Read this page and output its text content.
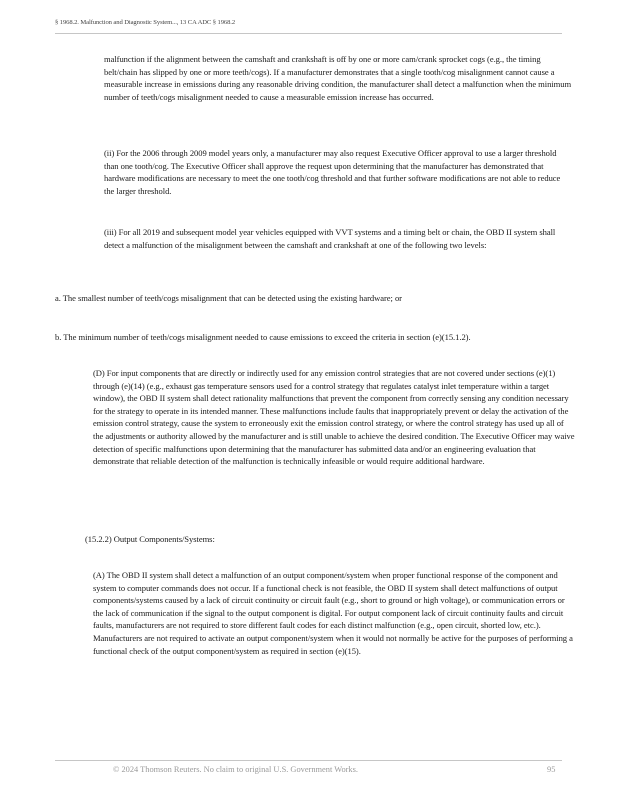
§ 1968.2. Malfunction and Diagnostic System..., 13 CA ADC § 1968.2

malfunction if the alignment between the camshaft and crankshaft is off by one or more cam/crank sprocket cogs (e.g., the timing belt/chain has slipped by one or more teeth/cogs). If a manufacturer demonstrates that a single tooth/cog misalignment cannot cause a measurable increase in emissions during any reasonable driving condition, the manufacturer shall detect a malfunction when the minimum number of teeth/cogs misalignment needed to cause a measurable emission increase has occurred.

(ii) For the 2006 through 2009 model years only, a manufacturer may also request Executive Officer approval to use a larger threshold than one tooth/cog. The Executive Officer shall approve the request upon determining that the manufacturer has demonstrated that hardware modifications are necessary to meet the one tooth/cog threshold and that further software modifications are not able to reduce the larger threshold.

(iii) For all 2019 and subsequent model year vehicles equipped with VVT systems and a timing belt or chain, the OBD II system shall detect a malfunction of the misalignment between the camshaft and crankshaft at one of the following two levels:

a. The smallest number of teeth/cogs misalignment that can be detected using the existing hardware; or

b. The minimum number of teeth/cogs misalignment needed to cause emissions to exceed the criteria in section (e)(15.1.2).

(D) For input components that are directly or indirectly used for any emission control strategies that are not covered under sections (e)(1) through (e)(14) (e.g., exhaust gas temperature sensors used for a control strategy that regulates catalyst inlet temperature within a target window), the OBD II system shall detect rationality malfunctions that prevent the component from correctly sensing any condition necessary for the strategy to operate in its intended manner. These malfunctions include faults that inappropriately prevent or delay the activation of the emission control strategy, cause the system to erroneously exit the emission control strategy, or where the control strategy has used up all of the adjustments or authority allowed by the manufacturer and is still unable to achieve the desired condition. The Executive Officer may waive detection of specific malfunctions upon determining that the manufacturer has submitted data and/or an engineering evaluation that demonstrate that reliable detection of the malfunction is technically infeasible or would require additional hardware.

(15.2.2) Output Components/Systems:

(A) The OBD II system shall detect a malfunction of an output component/system when proper functional response of the component and system to computer commands does not occur. If a functional check is not feasible, the OBD II system shall detect malfunctions of output components/systems caused by a lack of circuit continuity or circuit fault (e.g., short to ground or high voltage), or communication errors or the lack of communication if the signal to the output component is digital. For output component lack of circuit continuity faults and circuit faults, manufacturers are not required to store different fault codes for each distinct malfunction (e.g., open circuit, shorted low, etc.). Manufacturers are not required to activate an output component/system when it would not normally be active for the purposes of performing a functional check of the output component/system as required in section (e)(15).

© 2024 Thomson Reuters. No claim to original U.S. Government Works.	95
